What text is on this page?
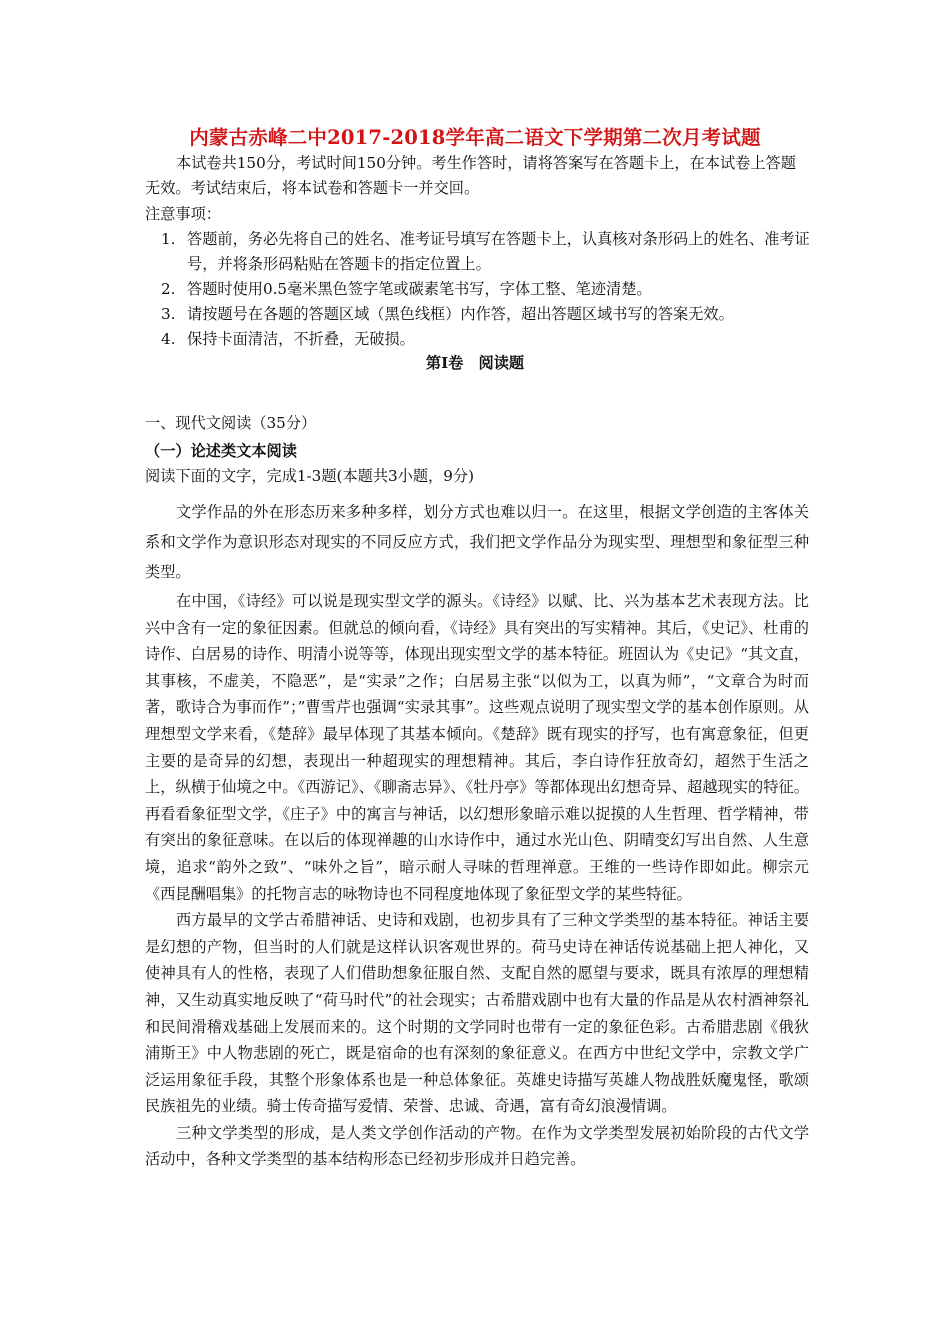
内蒙古赤峰二中2017-2018学年高二语文下学期第二次月考试题

本试卷共150分，考试时间150分钟。考生作答时，请将答案写在答题卡上，在本试卷上答题无效。考试结束后，将本试卷和答题卡一并交回。

注意事项：
1. 答题前，务必先将自己的姓名、准考证号填写在答题卡上，认真核对条形码上的姓名、准考证号，并将条形码粘贴在答题卡的指定位置上。
2. 答题时使用0.5毫米黑色签字笔或碳素笔书写，字体工整、笔迹清楚。
3. 请按题号在各题的答题区域（黑色线框）内作答，超出答题区域书写的答案无效。
4. 保持卡面清洁，不折叠，无破损。
第Ⅰ卷　阅读题
一、现代文阅读（35分）
（一）论述类文本阅读
阅读下面的文字，完成1-3题(本题共3小题，9分)

文学作品的外在形态历来多种多样，划分方式也难以归一。在这里，根据文学创造的主客体关系和文学作为意识形态对现实的不同反应方式，我们把文学作品分为现实型、理想型和象征型三种类型。

在中国，《诗经》可以说是现实型文学的源头。《诗经》以赋、比、兴为基本艺术表现方法。比兴中含有一定的象征因素。但就总的倾向看，《诗经》具有突出的写实精神。其后，《史记》、杜甫的诗作、白居易的诗作、明清小说等等，体现出现实型文学的基本特征。班固认为《史记》“其文直，其事核，不虚美，不隐恶”，是“实录”之作；白居易主张“以似为工，以真为师”，“文章合为时而著，歌诗合为事而作”；”曹雪芹也强调“实录其事”。这些观点说明了现实型文学的基本创作原则。从理想型文学来看，《楚辞》最早体现了其基本倾向。《楚辞》既有现实的抒写，也有寓意象征，但更主要的是奇异的幻想，表现出一种超现实的理想精神。其后，李白诗作狂放奇幻，超然于生活之上，纵横于仙境之中。《西游记》、《聊斋志异》、《牡丹亭》等都体现出幻想奇异、超越现实的特征。再看看象征型文学，《庄子》中的寓言与神话，以幻想形象暗示难以捉摸的人生哲理、哲学精神，带有突出的象征意味。在以后的体现禅趣的山水诗作中，通过水光山色、阴晴变幻写出自然、人生意境，追求“韵外之致”、“味外之旨”，暗示耐人寻味的哲理禅意。王维的一些诗作即如此。柳宗元《西昆酬唱集》的托物言志的咏物诗也不同程度地体现了象征型文学的某些特征。

西方最早的文学古希腊神话、史诗和戏剧，也初步具有了三种文学类型的基本特征。神话主要是幻想的产物，但当时的人们就是这样认识客观世界的。荷马史诗在神话传说基础上把人神化，又使神具有人的性格，表现了人们借助想象征服自然、支配自然的愿望与要求，既具有浓厚的理想精神，又生动真实地反映了“荷马时代”的社会现实；古希腊戏剧中也有大量的作品是从农村酒神祭礼和民间滑稽戏基础上发展而来的。这个时期的文学同时也带有一定的象征色彩。古希腊悲剧《俄狄浦斯王》中人物悲剧的死亡，既是宿命的也有深刻的象征意义。在西方中世纪文学中，宗教文学广泛运用象征手段，其整个形象体系也是一种总体象征。英雄史诗描写英雄人物战胜妖魔鬼怪，歌颂民族祖先的业绩。骑士传奇描写爱情、荣誉、忠诚、奇遇，富有奇幻浪漫情调。

三种文学类型的形成，是人类文学创作活动的产物。在作为文学类型发展初始阶段的古代文学活动中，各种文学类型的基本结构形态已经初步形成并日趋完善。
